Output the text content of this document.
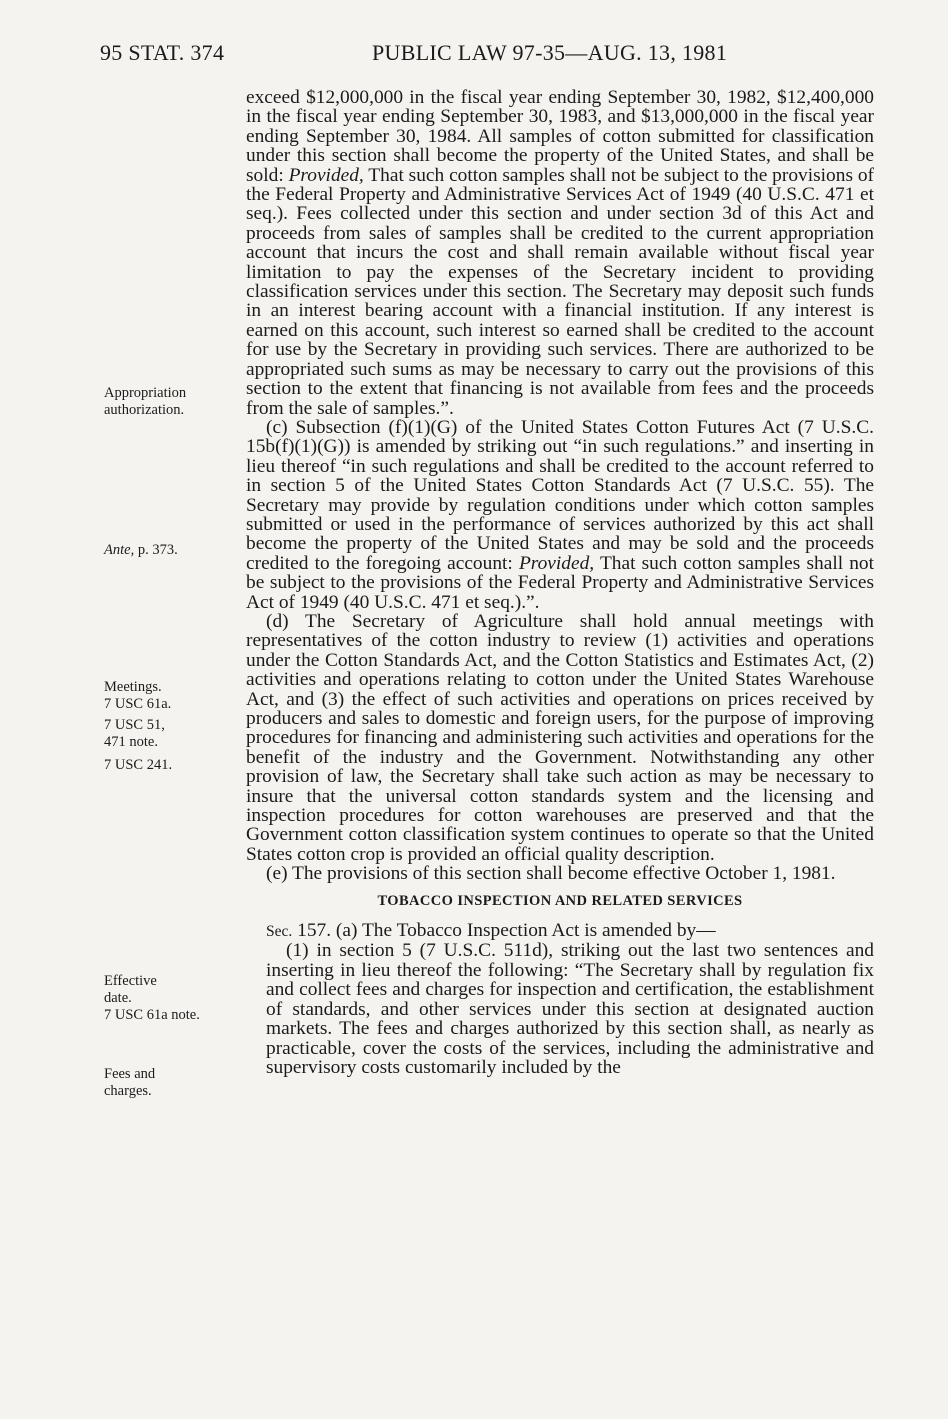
95 STAT. 374	PUBLIC LAW 97-35—AUG. 13, 1981
Appropriation
authorization.
Ante, p. 373.
Meetings.
7 USC 61a.
7 USC 51,
471 note.
7 USC 241.
Effective
date.
7 USC 61a note.
Fees and
charges.

exceed $12,000,000 in the fiscal year ending September 30, 1982, $12,400,000 in the fiscal year ending September 30, 1983, and $13,000,000 in the fiscal year ending September 30, 1984. All samples of cotton submitted for classification under this section shall become the property of the United States, and shall be sold: Provided, That such cotton samples shall not be subject to the provisions of the Federal Property and Administrative Services Act of 1949 (40 U.S.C. 471 et seq.). Fees collected under this section and under section 3d of this Act and proceeds from sales of samples shall be credited to the current appropriation account that incurs the cost and shall remain available without fiscal year limitation to pay the expenses of the Secretary incident to providing classification services under this section. The Secretary may deposit such funds in an interest bearing account with a financial institution. If any interest is earned on this account, such interest so earned shall be credited to the account for use by the Secretary in providing such services. There are authorized to be appropriated such sums as may be necessary to carry out the provisions of this section to the extent that financing is not available from fees and the proceeds from the sale of samples.”.

(c) Subsection (f)(1)(G) of the United States Cotton Futures Act (7 U.S.C. 15b(f)(1)(G)) is amended by striking out “in such regulations.” and inserting in lieu thereof “in such regulations and shall be credited to the account referred to in section 5 of the United States Cotton Standards Act (7 U.S.C. 55). The Secretary may provide by regulation conditions under which cotton samples submitted or used in the performance of services authorized by this act shall become the property of the United States and may be sold and the proceeds credited to the foregoing account: Provided, That such cotton samples shall not be subject to the provisions of the Federal Property and Administrative Services Act of 1949 (40 U.S.C. 471 et seq.).”.

(d) The Secretary of Agriculture shall hold annual meetings with representatives of the cotton industry to review (1) activities and operations under the Cotton Standards Act, and the Cotton Statistics and Estimates Act, (2) activities and operations relating to cotton under the United States Warehouse Act, and (3) the effect of such activities and operations on prices received by producers and sales to domestic and foreign users, for the purpose of improving procedures for financing and administering such activities and operations for the benefit of the industry and the Government. Notwithstanding any other provision of law, the Secretary shall take such action as may be necessary to insure that the universal cotton standards system and the licensing and inspection procedures for cotton warehouses are preserved and that the Government cotton classification system continues to operate so that the United States cotton crop is provided an official quality description.

(e) The provisions of this section shall become effective October 1, 1981.

TOBACCO INSPECTION AND RELATED SERVICES

Sec. 157. (a) The Tobacco Inspection Act is amended by—

(1) in section 5 (7 U.S.C. 511d), striking out the last two sentences and inserting in lieu thereof the following: “The Secretary shall by regulation fix and collect fees and charges for inspection and certification, the establishment of standards, and other services under this section at designated auction markets. The fees and charges authorized by this section shall, as nearly as practicable, cover the costs of the services, including the administrative and supervisory costs customarily included by the
